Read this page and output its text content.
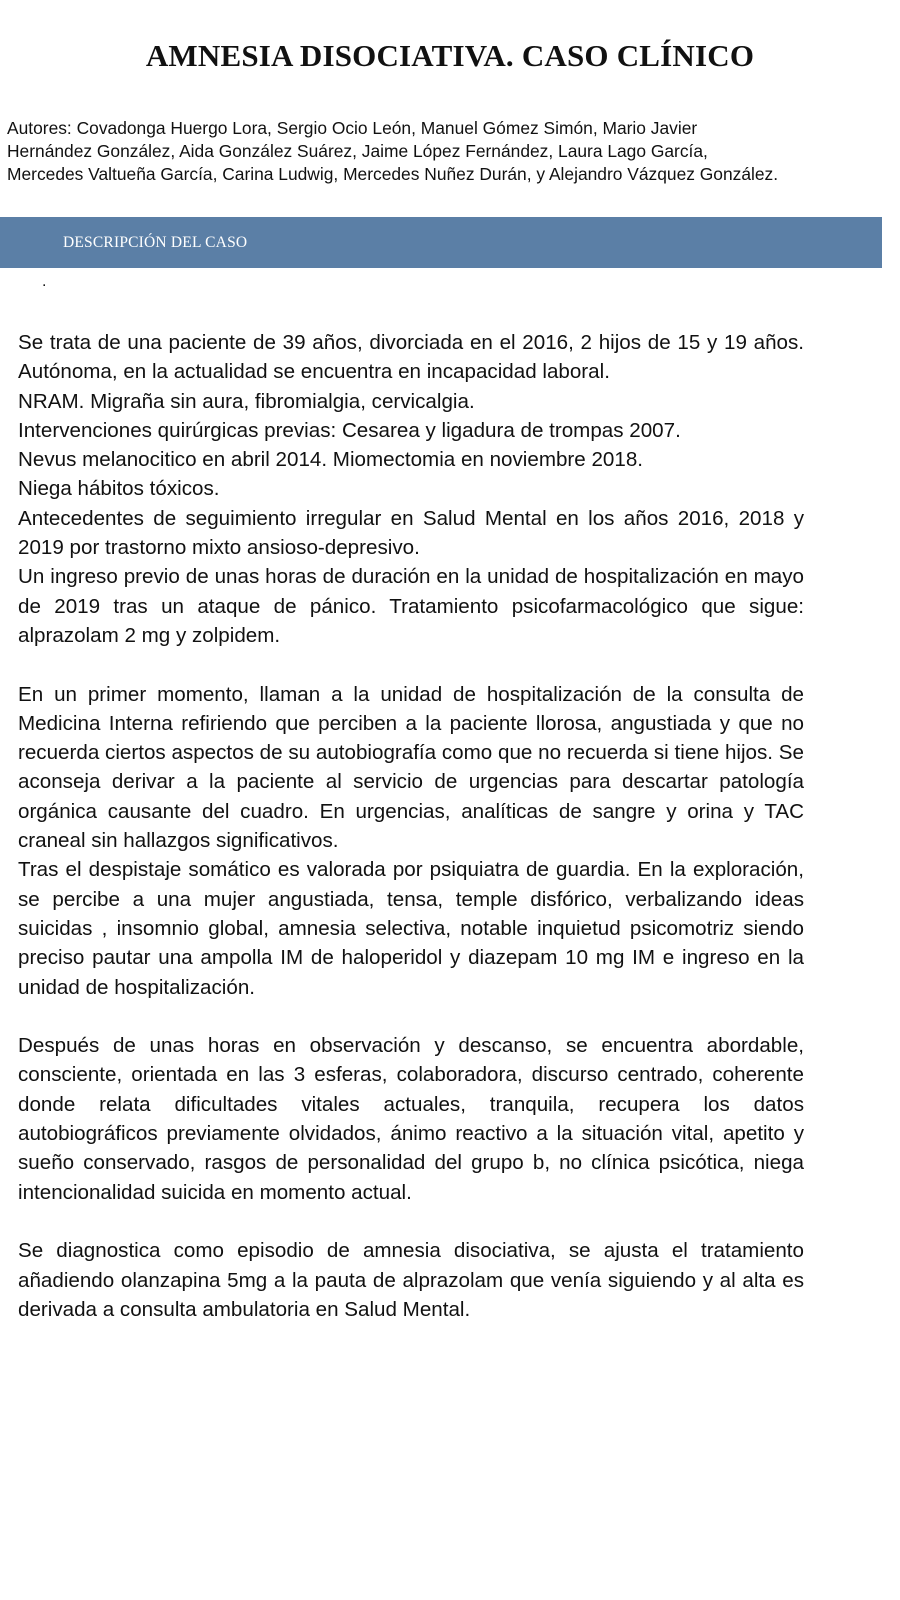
AMNESIA DISOCIATIVA. CASO CLÍNICO
Autores: Covadonga Huergo Lora, Sergio Ocio León, Manuel Gómez Simón, Mario Javier
Hernández González, Aida González Suárez, Jaime López Fernández, Laura Lago García,
Mercedes Valtueña García, Carina Ludwig, Mercedes Nuñez Durán, y Alejandro Vázquez González.
DESCRIPCIÓN DEL CASO
.

Se trata de una paciente de 39 años, divorciada en el 2016, 2 hijos de 15 y 19 años. Autónoma, en la actualidad se encuentra en incapacidad laboral.

NRAM. Migraña sin aura, fibromialgia, cervicalgia.

Intervenciones quirúrgicas previas: Cesarea y ligadura de trompas 2007.

Nevus melanocitico en abril 2014. Miomectomia en noviembre 2018.

Niega hábitos tóxicos.

Antecedentes de seguimiento irregular en Salud Mental en los años 2016, 2018 y 2019 por trastorno mixto ansioso-depresivo.

Un ingreso previo de unas horas de duración en la unidad de hospitalización en mayo de 2019 tras un ataque de pánico. Tratamiento psicofarmacológico que sigue: alprazolam 2 mg y zolpidem.

En un primer momento, llaman a la unidad de hospitalización de la consulta de Medicina Interna refiriendo que perciben a la paciente llorosa, angustiada y que no recuerda ciertos aspectos de su autobiografía como que no recuerda si tiene hijos. Se aconseja derivar a la paciente al servicio de urgencias para descartar patología orgánica causante del cuadro. En urgencias, analíticas de sangre y orina y TAC craneal sin hallazgos significativos.

Tras el despistaje somático es valorada por psiquiatra de guardia. En la exploración, se percibe a una mujer angustiada, tensa, temple disfórico, verbalizando ideas suicidas , insomnio global, amnesia selectiva, notable inquietud psicomotriz siendo preciso pautar una ampolla IM de haloperidol y diazepam 10 mg IM e ingreso en la unidad de hospitalización.

Después de unas horas en observación y descanso, se encuentra abordable, consciente, orientada en las 3 esferas, colaboradora, discurso centrado, coherente donde relata dificultades vitales actuales, tranquila, recupera los datos autobiográficos previamente olvidados, ánimo reactivo a la situación vital, apetito y sueño conservado, rasgos de personalidad del grupo b, no clínica psicótica, niega intencionalidad suicida en momento actual.

Se diagnostica como episodio de amnesia disociativa, se ajusta el tratamiento añadiendo olanzapina 5mg a la pauta de alprazolam que venía siguiendo y al alta es derivada a consulta ambulatoria en Salud Mental.
